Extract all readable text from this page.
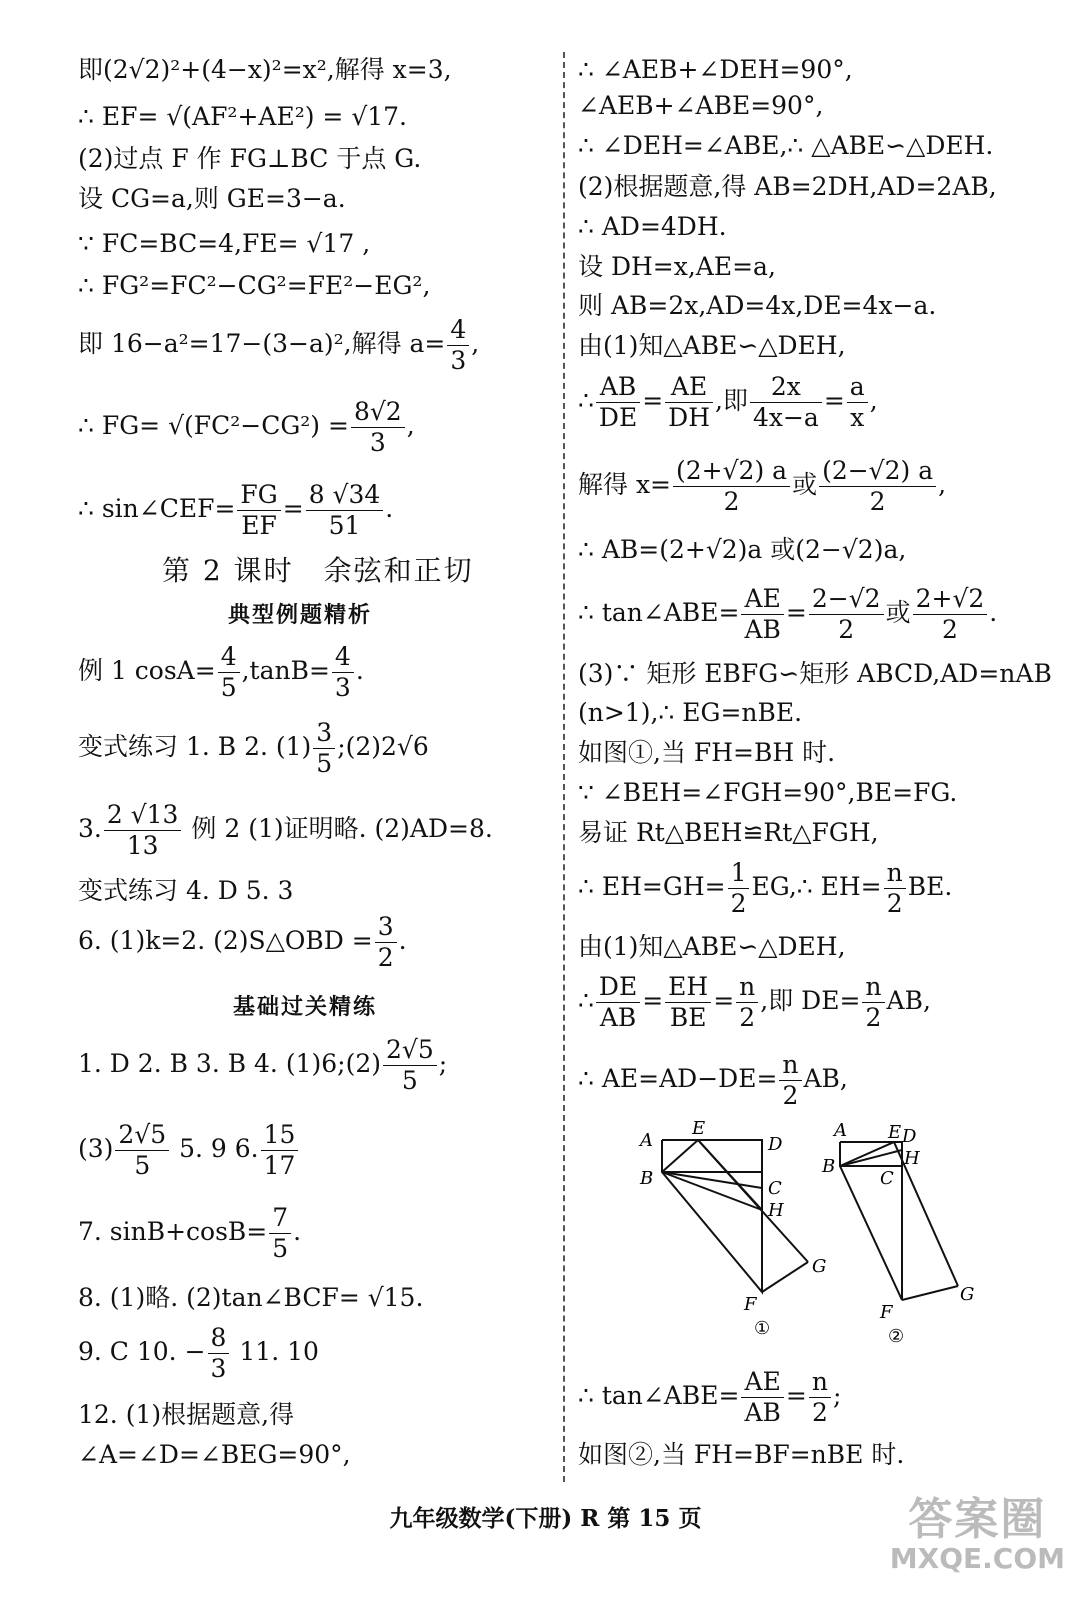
即(2√2)²+(4−x)²=x²,解得 x=3,
∴ EF= √(AF²+AE²) = √17.
(2)过点 F 作 FG⊥BC 于点 G.
设 CG=a,则 GE=3−a.
∵ FC=BC=4,FE= √17 ,
∴ FG²=FC²−CG²=FE²−EG²,
即 16−a²=17−(3−a)²,解得 $a= \frac{4}{3}$ ,
∴ $FG= √(FC^2-CG^2) = \frac{8√2}{3}$ ,
∴ sin∠CEF= $\frac{FG}{EF} = \frac{8 √34}{51}$ .
第 2 课时　余弦和正切
典型例题精析
例 1 $\cos A= \frac{4}{5} ,\tan B= \frac{4}{3}$ .
变式练习 1. B 2. $(1) \frac{3}{5}$ ;(2)2√6
3. $\frac{2 √13}{13}$ 例 2 (1)证明略. (2)AD=8.
变式练习 4. D 5. 3
6. (1)k=2. (2)S△OBD = $\frac{3}{2}$ .
基础过关精练
1. D 2. B 3. B 4. (1)6;(2) $\frac{2√5}{5}$ ;
$(3) \frac{2√5}{5} 5$. 9 6. $\frac{15}{17}$
7. $\sin B+\cos B= \frac{7}{5}$ .
8. (1)略. (2)tan∠BCF= √15.
9. C 10. − $\frac{8}{3} 11$. 10
12. (1)根据题意,得
∠A=∠D=∠BEG=90°,
∴ ∠AEB+∠DEH=90°,
∠AEB+∠ABE=90°,
∴ ∠DEH=∠ABE,∴ △ABE∽△DEH.
(2)根据题意,得 AB=2DH,AD=2AB,
∴ AD=4DH.
设 DH=x,AE=a,
则 AB=2x,AD=4x,DE=4x−a.
由(1)知△ABE∽△DEH,
∴ $\frac{AB}{DE} = \frac{AE}{DH}$ ,即 $\frac{2x}{4x-a} = \frac{a}{x}$ ,
解得 $x= \frac{(2+√2) a}{2}$ 或 $\frac{(2-√2) a}{2}$ ,
∴ AB=(2+√2)a 或(2−√2)a,
∴ tan∠ABE= $\frac{AE}{AB} = \frac{2-√2}{2}$ 或 $\frac{2+√2}{2}$ .
(3)∵ 矩形 EBFG∽矩形 ABCD,AD=nAB
(n>1),∴ EG=nBE.
如图①,当 FH=BH 时.
∵ ∠BEH=∠FGH=90°,BE=FG.
易证 Rt△BEH≌Rt△FGH,
∴ $EH=GH= \frac{1}{2}$ EG,∴ $EH= \frac{n}{2}$ BE.
由(1)知△ABE∽△DEH,
∴ $\frac{DE}{AB} = \frac{EH}{BE} = \frac{n}{2}$ ,即 $DE= \frac{n}{2}$ AB,
∴ $AE=AD-DE= \frac{n}{2}$ AB,
A
E
D
B	C
H
G
F
①
A E D
B	H
C
G
F
②
∴ tan∠ABE= $\frac{AE}{AB} = \frac{n}{2}$ ;
如图②,当 FH=BF=nBE 时.
九年级数学(下册) R 第 15 页	答案圈
MXQE.COM
